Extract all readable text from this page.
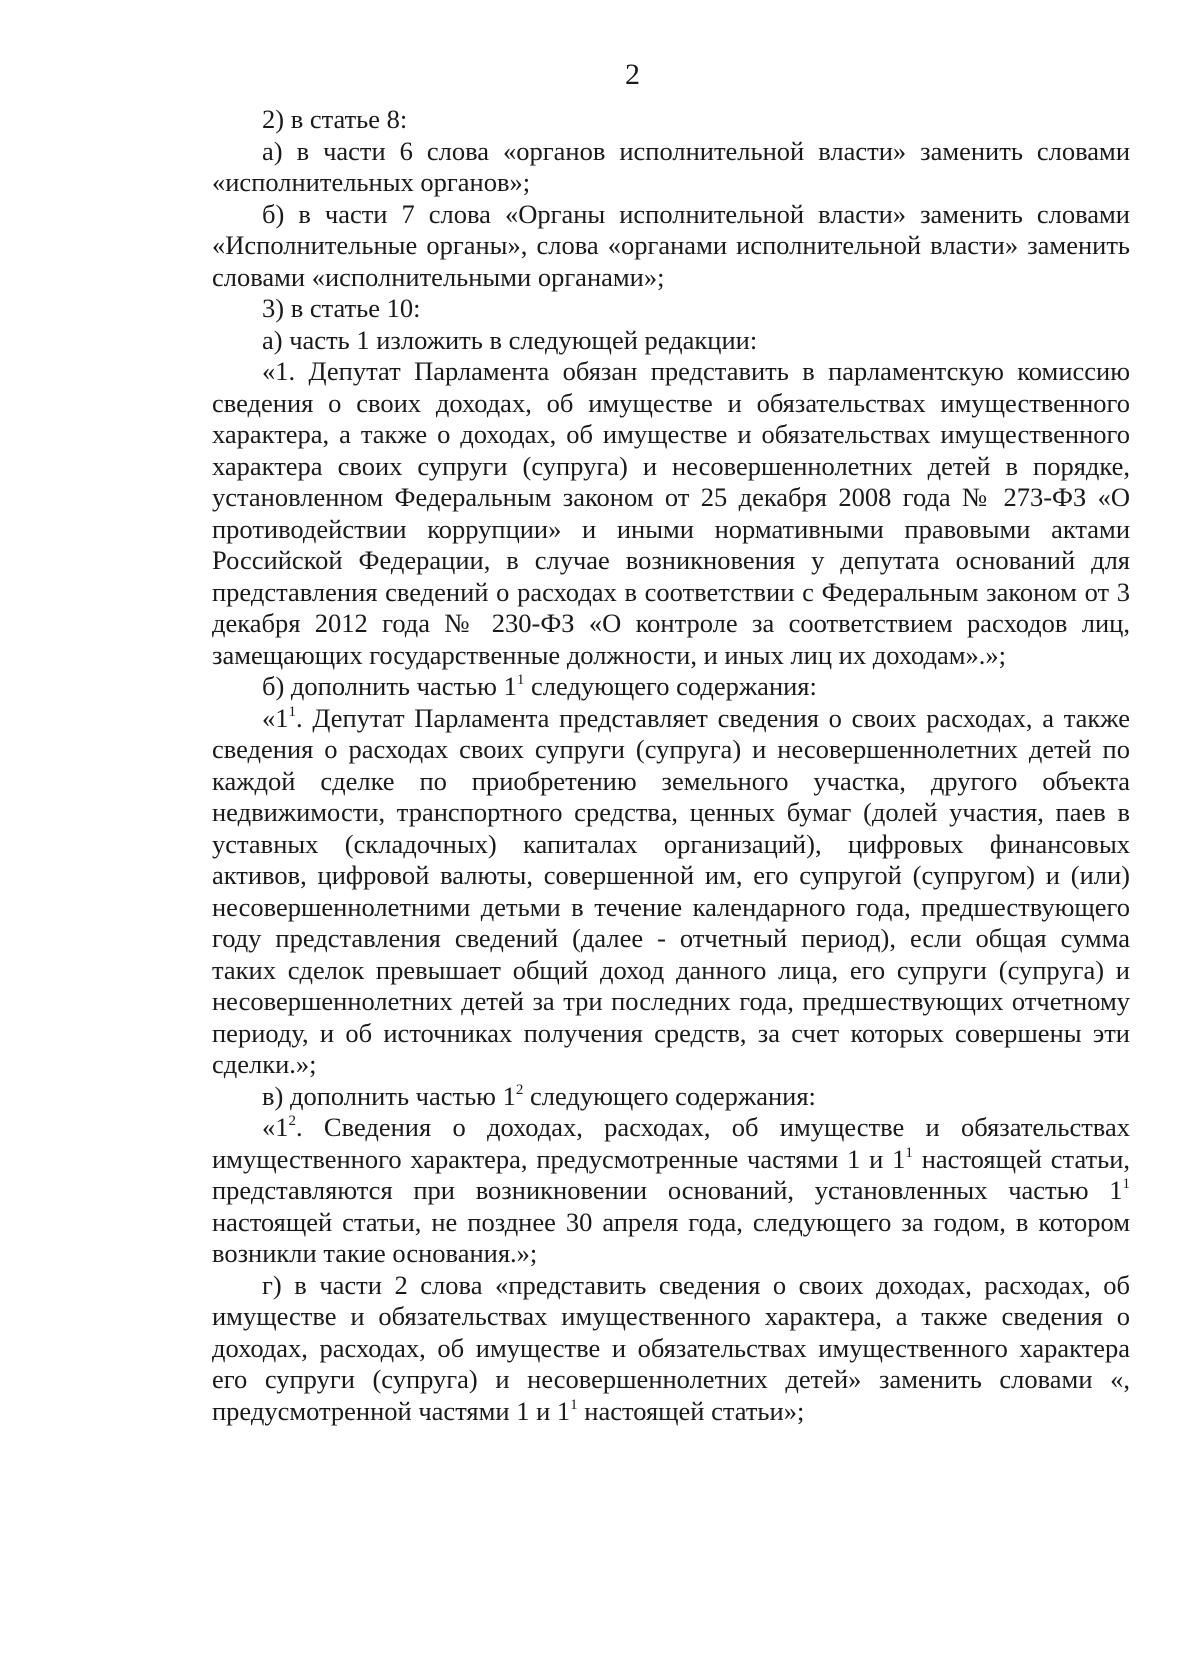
2

2) в статье 8:

а) в части 6 слова «органов исполнительной власти» заменить словами «исполнительных органов»;

б) в части 7 слова «Органы исполнительной власти» заменить словами «Исполнительные органы», слова «органами исполнительной власти» заменить словами «исполнительными органами»;

3) в статье 10:

а) часть 1 изложить в следующей редакции:

«1. Депутат Парламента обязан представить в парламентскую комиссию сведения о своих доходах, об имуществе и обязательствах имущественного характера, а также о доходах, об имуществе и обязательствах имущественного характера своих супруги (супруга) и несовершеннолетних детей в порядке, установленном Федеральным законом от 25 декабря 2008 года № 273-ФЗ «О противодействии коррупции» и иными нормативными правовыми актами Российской Федерации, в случае возникновения у депутата оснований для представления сведений о расходах в соответствии с Федеральным законом от 3 декабря 2012 года № 230-ФЗ «О контроле за соответствием расходов лиц, замещающих государственные должности, и иных лиц их доходам».»;

б) дополнить частью $1^1$ следующего содержания:

«$1^1$. Депутат Парламента представляет сведения о своих расходах, а также сведения о расходах своих супруги (супруга) и несовершеннолетних детей по каждой сделке по приобретению земельного участка, другого объекта недвижимости, транспортного средства, ценных бумаг (долей участия, паев в уставных (складочных) капиталах организаций), цифровых финансовых активов, цифровой валюты, совершенной им, его супругой (супругом) и (или) несовершеннолетними детьми в течение календарного года, предшествующего году представления сведений (далее - отчетный период), если общая сумма таких сделок превышает общий доход данного лица, его супруги (супруга) и несовершеннолетних детей за три последних года, предшествующих отчетному периоду, и об источниках получения средств, за счет которых совершены эти сделки.»;

в) дополнить частью $1^2$ следующего содержания:

«$1^2$. Сведения о доходах, расходах, об имуществе и обязательствах имущественного характера, предусмотренные частями 1 и $1^1$ настоящей статьи, представляются при возникновении оснований, установленных частью $1^1$ настоящей статьи, не позднее 30 апреля года, следующего за годом, в котором возникли такие основания.»;

г) в части 2 слова «представить сведения о своих доходах, расходах, об имуществе и обязательствах имущественного характера, а также сведения о доходах, расходах, об имуществе и обязательствах имущественного характера его супруги (супруга) и несовершеннолетних детей» заменить словами «, предусмотренной частями 1 и $1^1$ настоящей статьи»;
